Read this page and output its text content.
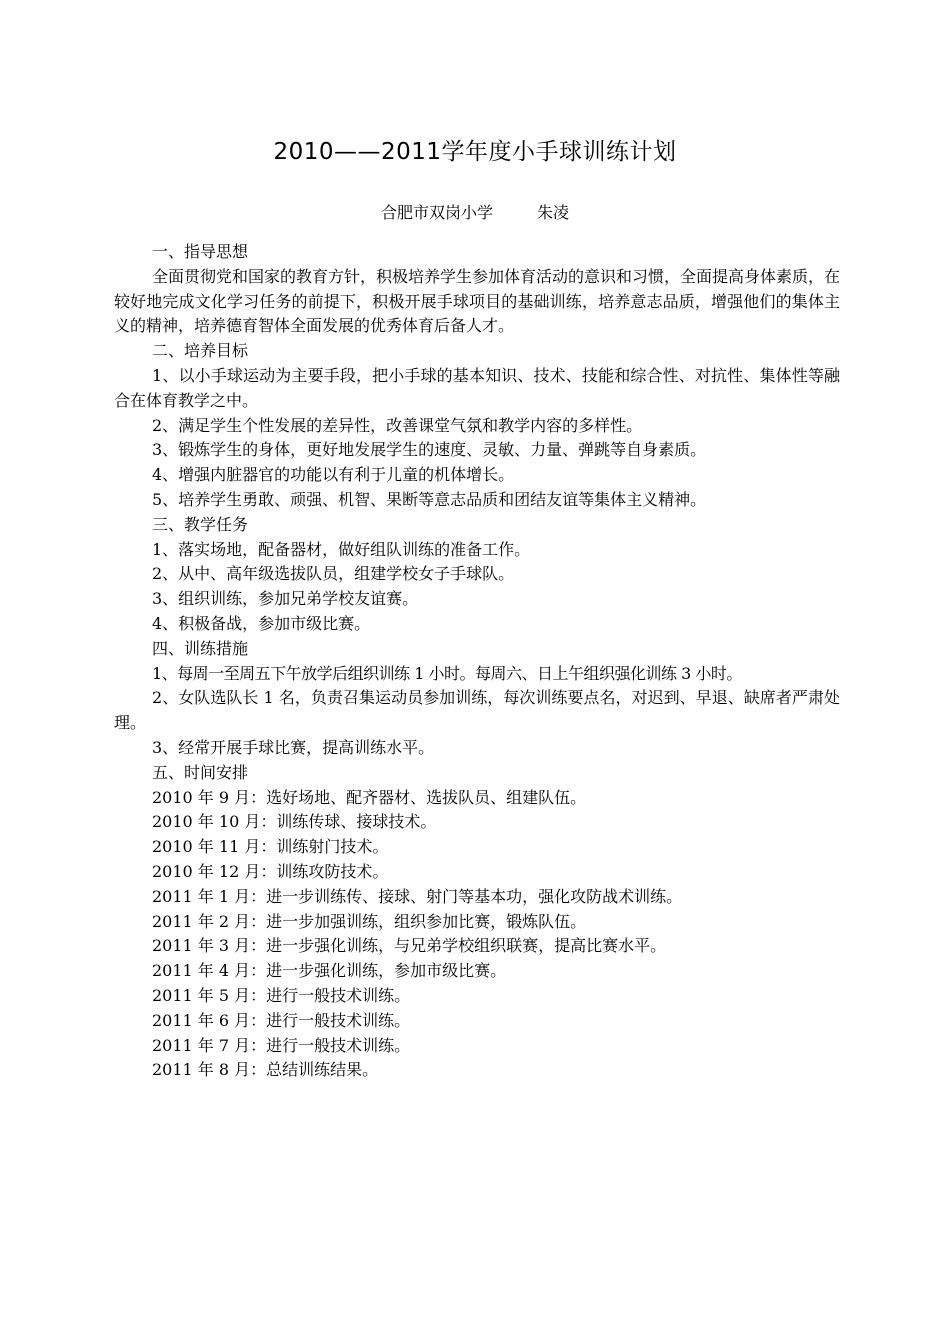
2010——2011学年度小手球训练计划
合肥市双岗小学	朱凌

一、指导思想

全面贯彻党和国家的教育方针，积极培养学生参加体育活动的意识和习惯，全面提高身体素质，在较好地完成文化学习任务的前提下，积极开展手球项目的基础训练，培养意志品质，增强他们的集体主义的精神，培养德育智体全面发展的优秀体育后备人才。

二、培养目标

1、以小手球运动为主要手段，把小手球的基本知识、技术、技能和综合性、对抗性、集体性等融合在体育教学之中。

2、满足学生个性发展的差异性，改善课堂气氛和教学内容的多样性。

3、锻炼学生的身体，更好地发展学生的速度、灵敏、力量、弹跳等自身素质。

4、增强内脏器官的功能以有利于儿童的机体增长。

5、培养学生勇敢、顽强、机智、果断等意志品质和团结友谊等集体主义精神。

三、教学任务

1、落实场地，配备器材，做好组队训练的准备工作。

2、从中、高年级选拔队员，组建学校女子手球队。

3、组织训练，参加兄弟学校友谊赛。

4、积极备战，参加市级比赛。

四、训练措施

1、每周一至周五下午放学后组织训练 1 小时。每周六、日上午组织强化训练 3 小时。

2、女队选队长 1 名，负责召集运动员参加训练，每次训练要点名，对迟到、早退、缺席者严肃处理。

3、经常开展手球比赛，提高训练水平。

五、时间安排

2010 年 9 月：选好场地、配齐器材、选拔队员、组建队伍。

2010 年 10 月：训练传球、接球技术。

2010 年 11 月：训练射门技术。

2010 年 12 月：训练攻防技术。

2011 年 1 月：进一步训练传、接球、射门等基本功，强化攻防战术训练。

2011 年 2 月：进一步加强训练，组织参加比赛，锻炼队伍。

2011 年 3 月：进一步强化训练，与兄弟学校组织联赛，提高比赛水平。

2011 年 4 月：进一步强化训练，参加市级比赛。

2011 年 5 月：进行一般技术训练。

2011 年 6 月：进行一般技术训练。

2011 年 7 月：进行一般技术训练。

2011 年 8 月：总结训练结果。
